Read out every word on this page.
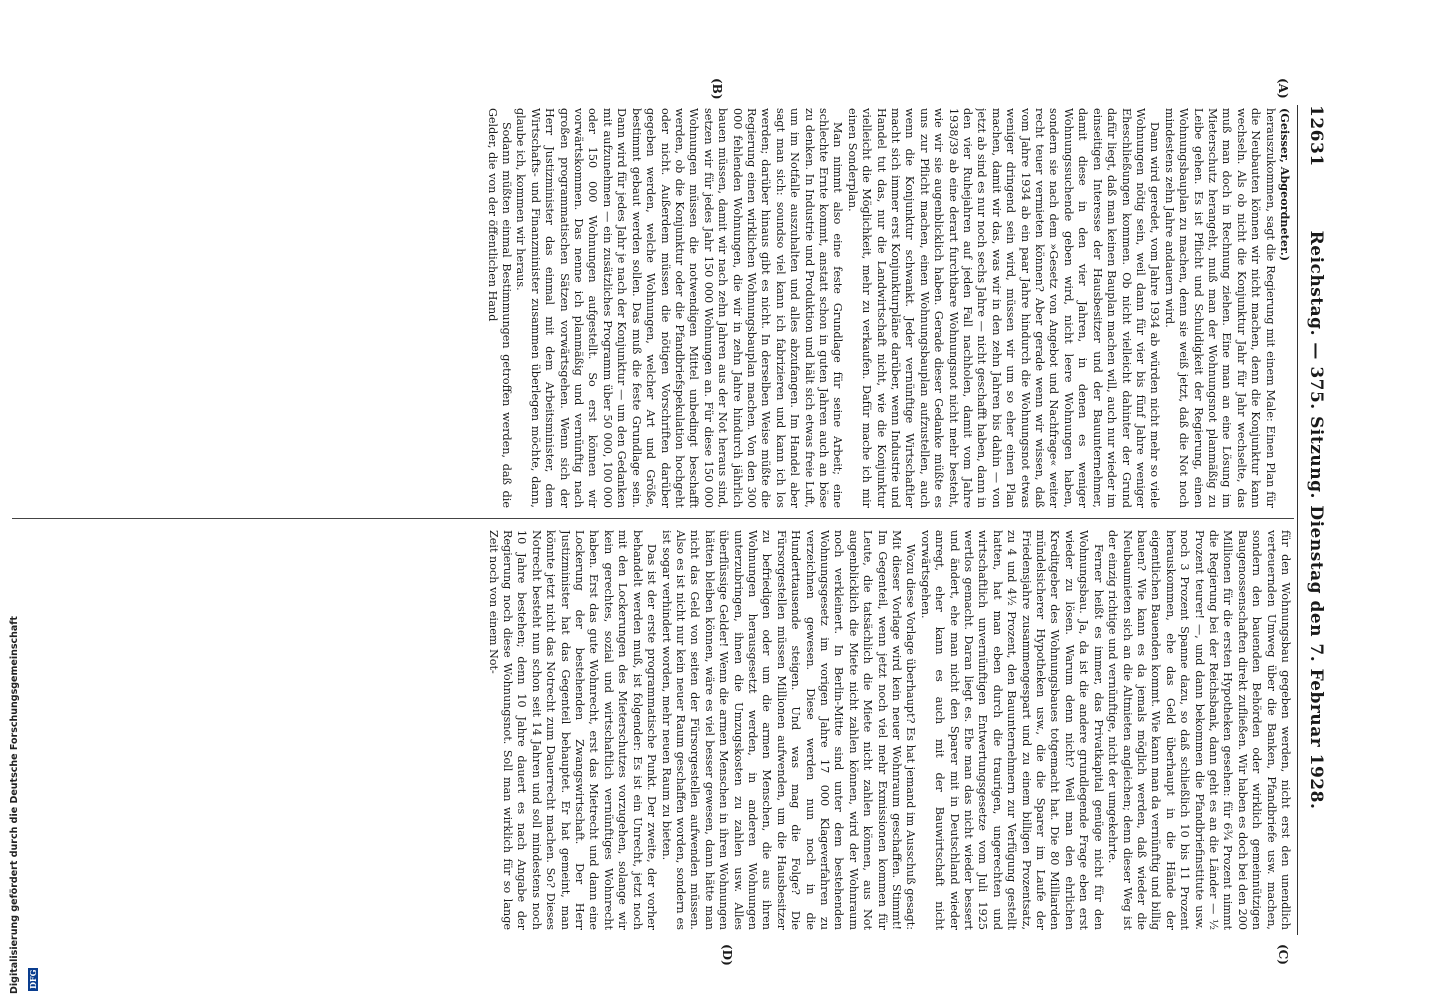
12631
Reichstag. — 375. Sitzung. Dienstag den 7. Februar 1928.
(A)
(B)
(C)
(D)

(Geisser, Abgeordneter.)

herauszukommen, sagt die Regierung mit einem Male: Einen Plan für die Neubauten können wir nicht machen, denn die Konjunktur kann wechseln. Als ob nicht die Konjunktur Jahr für Jahr wechselte, das muß man doch in Rechnung ziehen. Eine man an eine Lösung im Mieterschutz herangeht, muß man der Wohnungsnot planmäßig zu Leibe gehen. Es ist Pflicht und Schuldigkeit der Regierung, einen Wohnungsbauplan zu machen, denn sie weiß jetzt, daß die Not noch mindestens zehn Jahre andauern wird.

Dann wird geredet, vom Jahre 1934 ab würden nicht mehr so viele Wohnungen nötig sein, weil dann für vier bis fünf Jahre weniger Eheschließungen kommen. Ob nicht vielleicht dahinter der Grund dafür liegt, daß man keinen Bauplan machen will, auch nur wieder im einseitigen Interesse der Hausbesitzer und der Bauunternehmer, damit diese in den vier Jahren, in denen es weniger Wohnungssuchende geben wird, nicht leere Wohnungen haben, sondern sie nach dem »Gesetz von Angebot und Nachfrage« weiter recht teuer vermieten können? Aber gerade wenn wir wissen, daß vom Jahre 1934 ab ein paar Jahre hindurch die Wohnungsnot etwas weniger dringend sein wird, müssen wir um so eher einen Plan machen, damit wir das, was wir in den zehn Jahren bis dahin — von jetzt ab sind es nur noch sechs Jahre — nicht geschafft haben, dann in den vier Ruhejahren auf jeden Fall nachholen, damit vom Jahre 1938/39 ab eine derart furchtbare Wohnungsnot nicht mehr besteht, wie wir sie augenblicklich haben. Gerade dieser Gedanke müßte es uns zur Pflicht machen, einen Wohnungsbauplan aufzustellen, auch wenn die Konjunktur schwankt. Jeder vernünftige Wirtschaftler macht sich immer erst Konjunkturpläne darüber, wenn Industrie und Handel tut das, nur die Landwirtschaft nicht, wie die Konjunktur vielleicht die Möglichkeit, mehr zu verkaufen. Dafür mache ich mir einen Sonderplan.

Man nimmt also eine feste Grundlage für seine Arbeit; eine schlechte Ernte kommt, anstatt schon in guten Jahren auch an böse zu denken. In Industrie und Produktion und hält sich etwas freie Luft, um im Notfalle auszuhalten und alles abzufangen. Im Handel aber sagt man sich: soundso viel kann ich fabrizieren und kann ich los werden; darüber hinaus gibt es nicht. In derselben Weise müßte die Regierung einen wirklichen Wohnungsbauplan machen. Von den 300 000 fehlenden Wohnungen, die wir in zehn Jahre hindurch jährlich bauen müssen, damit wir nach zehn Jahren aus der Not heraus sind, setzen wir für jedes Jahr 150 000 Wohnungen an. Für diese 150 000 Wohnungen müssen die notwendigen Mittel unbedingt beschafft werden, ob die Konjunktur oder die Pfandbriefspekulation hochgeht oder nicht. Außerdem müssen die nötigen Vorschriften darüber gegeben werden, welche Wohnungen, welcher Art und Größe, bestimmt gebaut werden sollen. Das muß die feste Grundlage sein. Dann wird für jedes Jahr je nach der Konjunktur — um den Gedanken mit aufzunehmen — ein zusätzliches Programm über 50 000, 100 000 oder 150 000 Wohnungen aufgestellt. So erst können wir vorwärtskommen. Das nenne ich planmäßig und vernünftig nach großen programmatischen Sätzen vorwärtsgehen. Wenn sich der Herr Justizminister das einmal mit dem Arbeitsminister, dem Wirtschafts- und Finanzminister zusammen überlegen möchte, dann, glaube ich, kommen wir heraus.

Sodann müßten einmal Bestimmungen getroffen werden, daß die Gelder, die von der öffentlichen Hand

für den Wohnungsbau gegeben werden, nicht erst den unendlich verteuernden Umweg über die Banken, Pfandbriefe usw. machen, sondern den bauenden Behörden oder wirklich gemeinnützigen Baugenossenschaften direkt zufließen. Wir haben es doch bei den 200 Millionen für die ersten Hypotheken gesehen: für 6¾ Prozent nimmt die Regierung bei der Reichsbank, dann geht es an die Länder — ½ Prozent teurer! —, und dann bekommen die Pfandbriefinstitute usw. noch 3 Prozent Spanne dazu, so daß schließlich 10 bis 11 Prozent herauskommen, ehe das Geld überhaupt in die Hände der eigentlichen Bauenden kommt. Wie kann man da vernünftig und billig bauen? Wie kann es da jemals möglich werden, daß wieder die Neubaumieten sich an die Altmieten angleichen; denn dieser Weg ist der einzig richtige und vernünftige, nicht der umgekehrte.

Ferner heißt es immer, das Privatkapital genüge nicht für den Wohnungsbau. Ja, da ist die andere grundlegende Frage eben erst wieder zu lösen. Warum denn nicht? Weil man den ehrlichen Kreditgeber des Wohnungsbaues totgemacht hat. Die 80 Milliarden mündelsicherer Hypotheken usw., die die Sparer im Laufe der Friedensjahre zusammengespart und zu einem billigen Prozentsatz, zu 4 und 4½ Prozent, den Bauunternehmern zur Verfügung gestellt hatten, hat man eben durch die traurigen, ungerechten und wirtschaftlich unvernünftigen Entwertungsgesetze vom Juli 1925 wertlos gemacht. Daran liegt es. Ehe man das nicht wieder bessert und ändert, ehe man nicht den Sparer mit in Deutschland wieder anregt, eher kann es auch mit der Bauwirtschaft nicht vorwärtsgehen.

Wozu diese Vorlage überhaupt? Es hat jemand im Ausschuß gesagt: Mit dieser Vorlage wird kein neuer Wohnraum geschaffen. Stimmt! Im Gegenteil, wenn jetzt noch viel mehr Exmissionen kommen für Leute, die tatsächlich die Miete nicht zahlen können, aus Not augenblicklich die Miete nicht zahlen können, wird der Wohnraum noch verkleinert. In Berlin-Mitte sind unter dem bestehenden Wohnungsgesetz im vorigen Jahre 17 000 Klageverfahren zu verzeichnen gewesen. Diese werden nun noch in die Hunderttausende steigen. Und was mag die Folge? Die Fürsorgestellen müssen Millionen aufwenden, um die Hausbesitzer zu befriedigen oder um die armen Menschen, die aus ihren Wohnungen herausgesetzt werden, in anderen Wohnungen unterzubringen, ihnen die Umzugskosten zu zahlen usw. Alles überflüssige Gelder! Wenn die armen Menschen in ihren Wohnungen hätten bleiben können, wäre es viel besser gewesen, dann hätte man nicht das Geld von seiten der Fürsorgestellen aufwenden müssen. Also es ist nicht nur kein neuer Raum geschaffen worden, sondern es ist sogar verhindert worden, mehr neuen Raum zu bieten.

Das ist der erste programmatische Punkt. Der zweite, der vorher behandelt werden muß, ist folgender: Es ist ein Unrecht, jetzt noch mit den Lockerungen des Mieterschutzes vorzugehen, solange wir kein gerechtes, sozial und wirtschaftlich vernünftiges Wohnrecht haben. Erst das gute Wohnrecht, erst das Mietrecht und dann eine Lockerung der bestehenden Zwangswirtschaft. Der Herr Justizminister hat das Gegenteil behauptet. Er hat gemeint, man könnte jetzt nicht das Notrecht zum Dauerrecht machen. So? Dieses Notrecht besteht nun schon seit 14 Jahren und soll mindestens noch 10 Jahre bestehen; denn 10 Jahre dauert es nach Angabe der Regierung noch diese Wohnungsnot. Soll man wirklich für so lange Zeit noch von einem Not-

Digitalisierung gefördert durch die Deutsche Forschungsgemeinschaft DFG
